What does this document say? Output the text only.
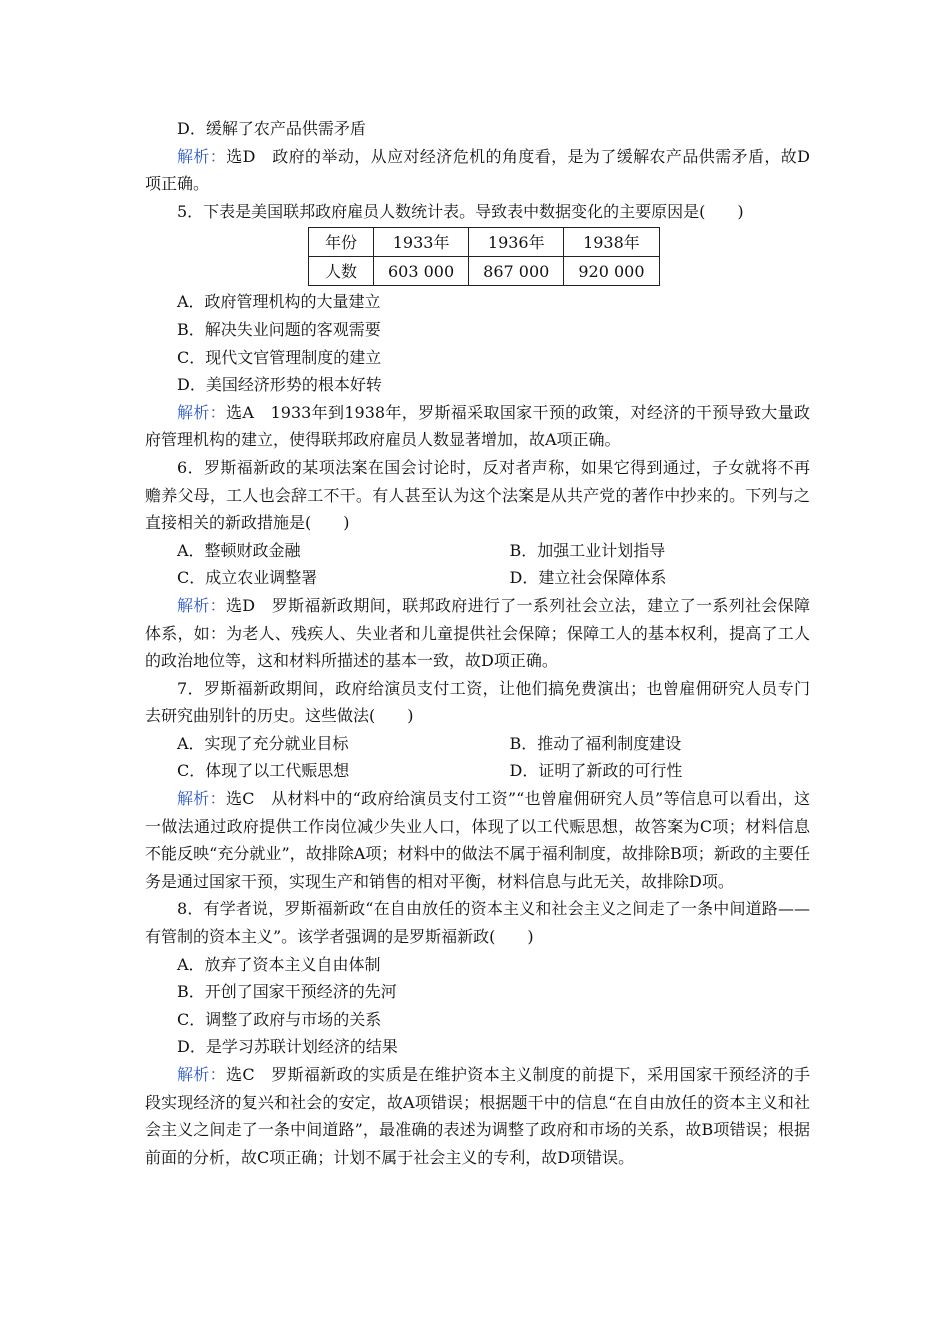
D．缓解了农产品供需矛盾

解析：选D　政府的举动，从应对经济危机的角度看，是为了缓解农产品供需矛盾，故D项正确。

5．下表是美国联邦政府雇员人数统计表。导致表中数据变化的主要原因是(　　)

年份	1933年	1936年	1938年
人数	603 000	867 000	920 000
A．政府管理机构的大量建立
B．解决失业问题的客观需要
C．现代文官管理制度的建立
D．美国经济形势的根本好转

解析：选A　1933年到1938年，罗斯福采取国家干预的政策，对经济的干预导致大量政府管理机构的建立，使得联邦政府雇员人数显著增加，故A项正确。

6．罗斯福新政的某项法案在国会讨论时，反对者声称，如果它得到通过，子女就将不再赡养父母，工人也会辞工不干。有人甚至认为这个法案是从共产党的著作中抄来的。下列与之直接相关的新政措施是(　　)

A．整顿财政金融	B．加强工业计划指导
C．成立农业调整署	D．建立社会保障体系

解析：选D　罗斯福新政期间，联邦政府进行了一系列社会立法，建立了一系列社会保障体系，如：为老人、残疾人、失业者和儿童提供社会保障；保障工人的基本权利，提高了工人的政治地位等，这和材料所描述的基本一致，故D项正确。

7．罗斯福新政期间，政府给演员支付工资，让他们搞免费演出；也曾雇佣研究人员专门去研究曲别针的历史。这些做法(　　)

A．实现了充分就业目标	B．推动了福利制度建设
C．体现了以工代赈思想	D．证明了新政的可行性

解析：选C　从材料中的“政府给演员支付工资”“也曾雇佣研究人员”等信息可以看出，这一做法通过政府提供工作岗位减少失业人口，体现了以工代赈思想，故答案为C项；材料信息不能反映“充分就业”，故排除A项；材料中的做法不属于福利制度，故排除B项；新政的主要任务是通过国家干预，实现生产和销售的相对平衡，材料信息与此无关，故排除D项。

8．有学者说，罗斯福新政“在自由放任的资本主义和社会主义之间走了一条中间道路——有管制的资本主义”。该学者强调的是罗斯福新政(　　)

A．放弃了资本主义自由体制
B．开创了国家干预经济的先河
C．调整了政府与市场的关系
D．是学习苏联计划经济的结果

解析：选C　罗斯福新政的实质是在维护资本主义制度的前提下，采用国家干预经济的手段实现经济的复兴和社会的安定，故A项错误；根据题干中的信息“在自由放任的资本主义和社会主义之间走了一条中间道路”，最准确的表述为调整了政府和市场的关系，故B项错误；根据前面的分析，故C项正确；计划不属于社会主义的专利，故D项错误。
